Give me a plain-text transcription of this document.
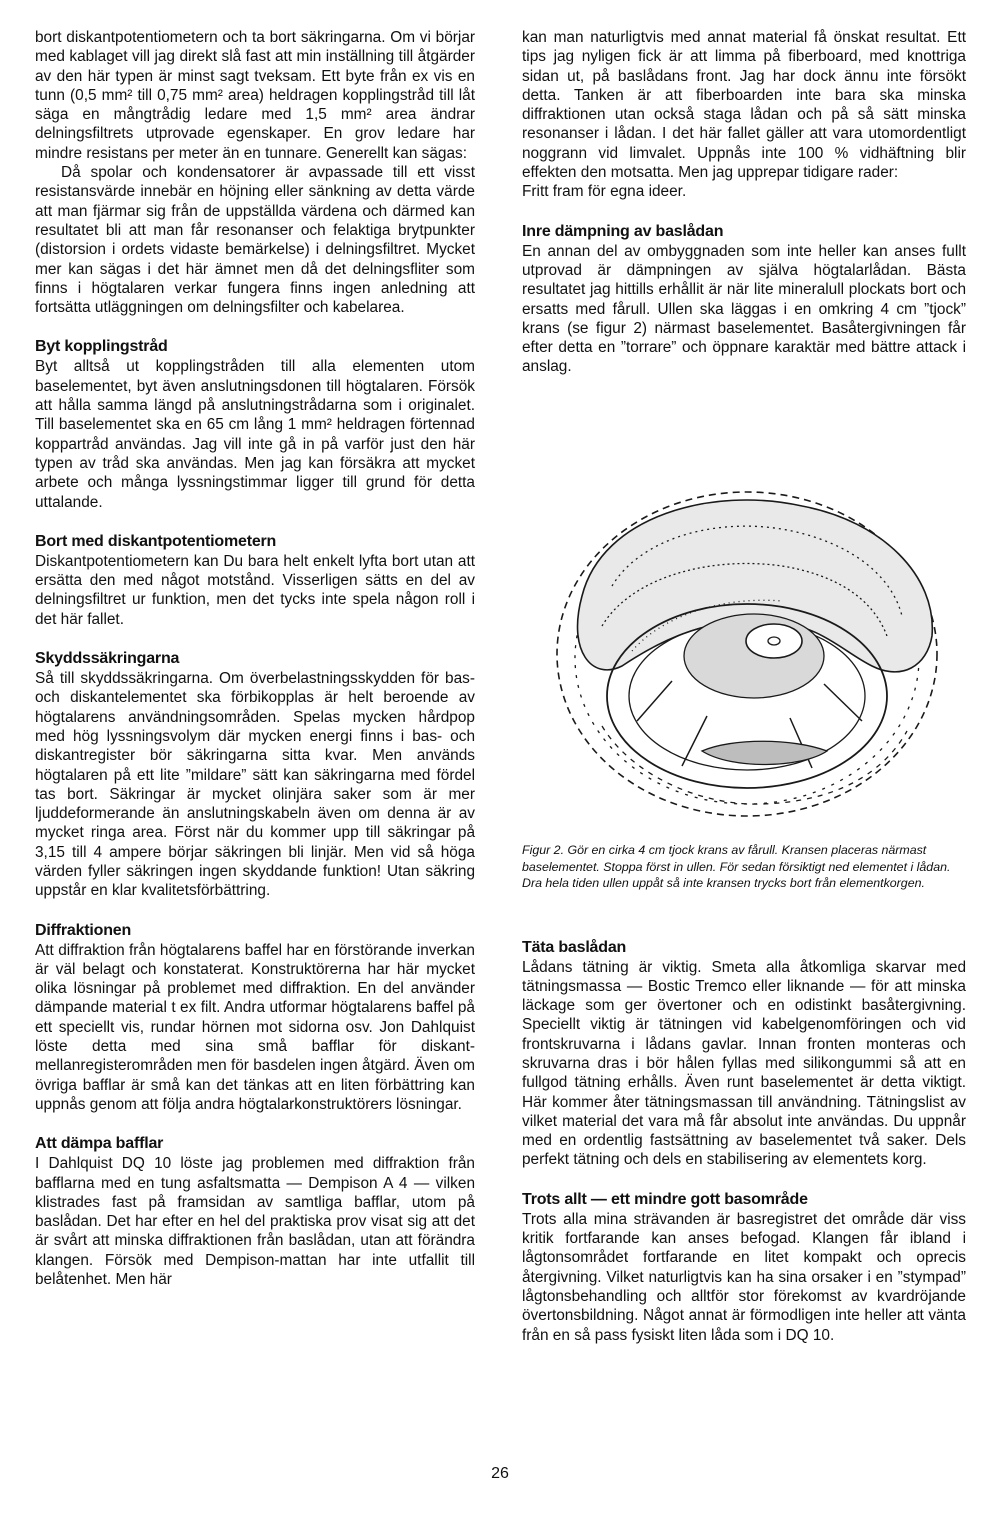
bort diskantpotentiometern och ta bort säkringarna. Om vi börjar med kablaget vill jag direkt slå fast att min inställning till åtgärder av den här typen är minst sagt tveksam. Ett byte från ex vis en tunn (0,5 mm² till 0,75 mm² area) heldragen kopplingstråd till låt säga en mångtrådig ledare med 1,5 mm² area ändrar delningsfiltrets utprovade egenskaper. En grov ledare har mindre resistans per meter än en tunnare. Generellt kan sägas:

Då spolar och kondensatorer är avpassade till ett visst resistansvärde innebär en höjning eller sänkning av detta värde att man fjärmar sig från de uppställda värdena och därmed kan resultatet bli att man får resonanser och felaktiga brytpunkter (distorsion i ordets vidaste bemärkelse) i delningsfiltret. Mycket mer kan sägas i det här ämnet men då det delningsfliter som finns i högtalaren verkar fungera finns ingen anledning att fortsätta utläggningen om delningsfilter och kabelarea.

Byt kopplingstråd

Byt alltså ut kopplingstråden till alla elementen utom baselementet, byt även anslutningsdonen till högtalaren. Försök att hålla samma längd på anslutningstrådarna som i originalet. Till baselementet ska en 65 cm lång 1 mm² heldragen förtennad koppartråd användas. Jag vill inte gå in på varför just den här typen av tråd ska användas. Men jag kan försäkra att mycket arbete och många lyssningstimmar ligger till grund för detta uttalande.

Bort med diskantpotentiometern

Diskantpotentiometern kan Du bara helt enkelt lyfta bort utan att ersätta den med något motstånd. Visserligen sätts en del av delningsfiltret ur funktion, men det tycks inte spela någon roll i det här fallet.

Skyddssäkringarna

Så till skyddssäkringarna. Om överbelastningsskydden för bas- och diskantelementet ska förbikopplas är helt beroende av högtalarens användningsområden. Spelas mycken hårdpop med hög lyssningsvolym där mycken energi finns i bas- och diskantregister bör säkringarna sitta kvar. Men används högtalaren på ett lite ”mildare” sätt kan säkringarna med fördel tas bort. Säkringar är mycket olinjära saker som är mer ljuddeformerande än anslutningskabeln även om denna är av mycket ringa area. Först när du kommer upp till säkringar på 3,15 till 4 ampere börjar säkringen bli linjär. Men vid så höga värden fyller säkringen ingen skyddande funktion! Utan säkring uppstår en klar kvalitetsförbättring.

Diffraktionen

Att diffraktion från högtalarens baffel har en förstörande inverkan är väl belagt och konstaterat. Konstruktörerna har här mycket olika lösningar på problemet med diffraktion. En del använder dämpande material t ex filt. Andra utformar högtalarens baffel på ett speciellt vis, rundar hörnen mot sidorna osv. Jon Dahlquist löste detta med sina små bafflar för diskant- mellanregisterområden men för basdelen ingen åtgärd. Även om övriga bafflar är små kan det tänkas att en liten förbättring kan uppnås genom att följa andra högtalarkonstruktörers lösningar.

Att dämpa bafflar

I Dahlquist DQ 10 löste jag problemen med diffraktion från bafflarna med en tung asfaltsmatta — Dempison A 4 — vilken klistrades fast på framsidan av samtliga bafflar, utom på baslådan. Det har efter en hel del praktiska prov visat sig att det är svårt att minska diffraktionen från baslådan, utan att förändra klangen. Försök med Dempison-mattan har inte utfallit till belåtenhet. Men här

kan man naturligtvis med annat material få önskat resultat. Ett tips jag nyligen fick är att limma på fiberboard, med knottriga sidan ut, på baslådans front. Jag har dock ännu inte försökt detta. Tanken är att fiberboarden inte bara ska minska diffraktionen utan också staga lådan och på så sätt minska resonanser i lådan. I det här fallet gäller att vara utomordentligt noggrann vid limvalet. Uppnås inte 100 % vidhäftning blir effekten den motsatta. Men jag upprepar tidigare rader:

Fritt fram för egna ideer.

Inre dämpning av baslådan

En annan del av ombyggnaden som inte heller kan anses fullt utprovad är dämpningen av själva högtalarlådan. Bästa resultatet jag hittills erhållit är när lite mineralull plockats bort och ersatts med fårull. Ullen ska läggas i en omkring 4 cm ”tjock” krans (se figur 2) närmast baselementet. Basåtergivningen får efter detta en ”torrare” och öppnare karaktär med bättre attack i anslag.

Figur 2. Gör en cirka 4 cm tjock krans av fårull. Kransen placeras närmast baselementet. Stoppa först in ullen. För sedan försiktigt ned elementet i lådan. Dra hela tiden ullen uppåt så inte kransen trycks bort från elementkorgen.

Täta baslådan

Lådans tätning är viktig. Smeta alla åtkomliga skarvar med tätningsmassa — Bostic Tremco eller liknande — för att minska läckage som ger övertoner och en odistinkt basåtergivning. Speciellt viktig är tätningen vid kabelgenomföringen och vid frontskruvarna i lådans gavlar. Innan fronten monteras och skruvarna dras i bör hålen fyllas med silikongummi så att en fullgod tätning erhålls. Även runt baselementet är detta viktigt. Här kommer åter tätningsmassan till användning. Tätningslist av vilket material det vara må får absolut inte användas. Du uppnår med en ordentlig fastsättning av baselementet två saker. Dels perfekt tätning och dels en stabilisering av elementets korg.

Trots allt — ett mindre gott basområde

Trots alla mina strävanden är basregistret det område där viss kritik fortfarande kan anses befogad. Klangen får ibland i lågtonsområdet fortfarande en litet kompakt och oprecis återgivning. Vilket naturligtvis kan ha sina orsaker i en ”stympad” lågtonsbehandling och alltför stor förekomst av kvardröjande övertonsbildning. Något annat är förmodligen inte heller att vänta från en så pass fysiskt liten låda som i DQ 10.

26
